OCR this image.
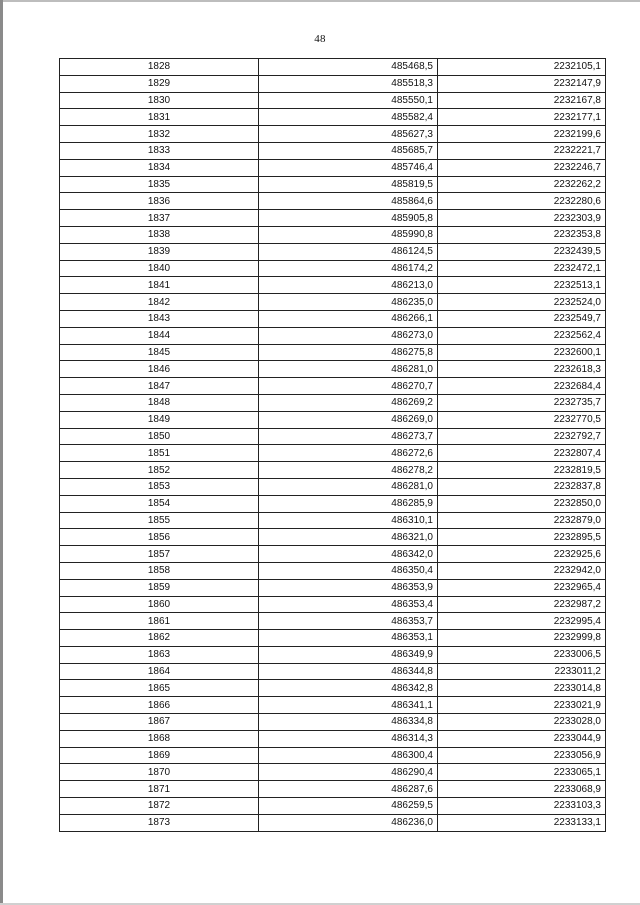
48
1828	485468,5	2232105,1
1829	485518,3	2232147,9
1830	485550,1	2232167,8
1831	485582,4	2232177,1
1832	485627,3	2232199,6
1833	485685,7	2232221,7
1834	485746,4	2232246,7
1835	485819,5	2232262,2
1836	485864,6	2232280,6
1837	485905,8	2232303,9
1838	485990,8	2232353,8
1839	486124,5	2232439,5
1840	486174,2	2232472,1
1841	486213,0	2232513,1
1842	486235,0	2232524,0
1843	486266,1	2232549,7
1844	486273,0	2232562,4
1845	486275,8	2232600,1
1846	486281,0	2232618,3
1847	486270,7	2232684,4
1848	486269,2	2232735,7
1849	486269,0	2232770,5
1850	486273,7	2232792,7
1851	486272,6	2232807,4
1852	486278,2	2232819,5
1853	486281,0	2232837,8
1854	486285,9	2232850,0
1855	486310,1	2232879,0
1856	486321,0	2232895,5
1857	486342,0	2232925,6
1858	486350,4	2232942,0
1859	486353,9	2232965,4
1860	486353,4	2232987,2
1861	486353,7	2232995,4
1862	486353,1	2232999,8
1863	486349,9	2233006,5
1864	486344,8	2233011,2
1865	486342,8	2233014,8
1866	486341,1	2233021,9
1867	486334,8	2233028,0
1868	486314,3	2233044,9
1869	486300,4	2233056,9
1870	486290,4	2233065,1
1871	486287,6	2233068,9
1872	486259,5	2233103,3
1873	486236,0	2233133,1
